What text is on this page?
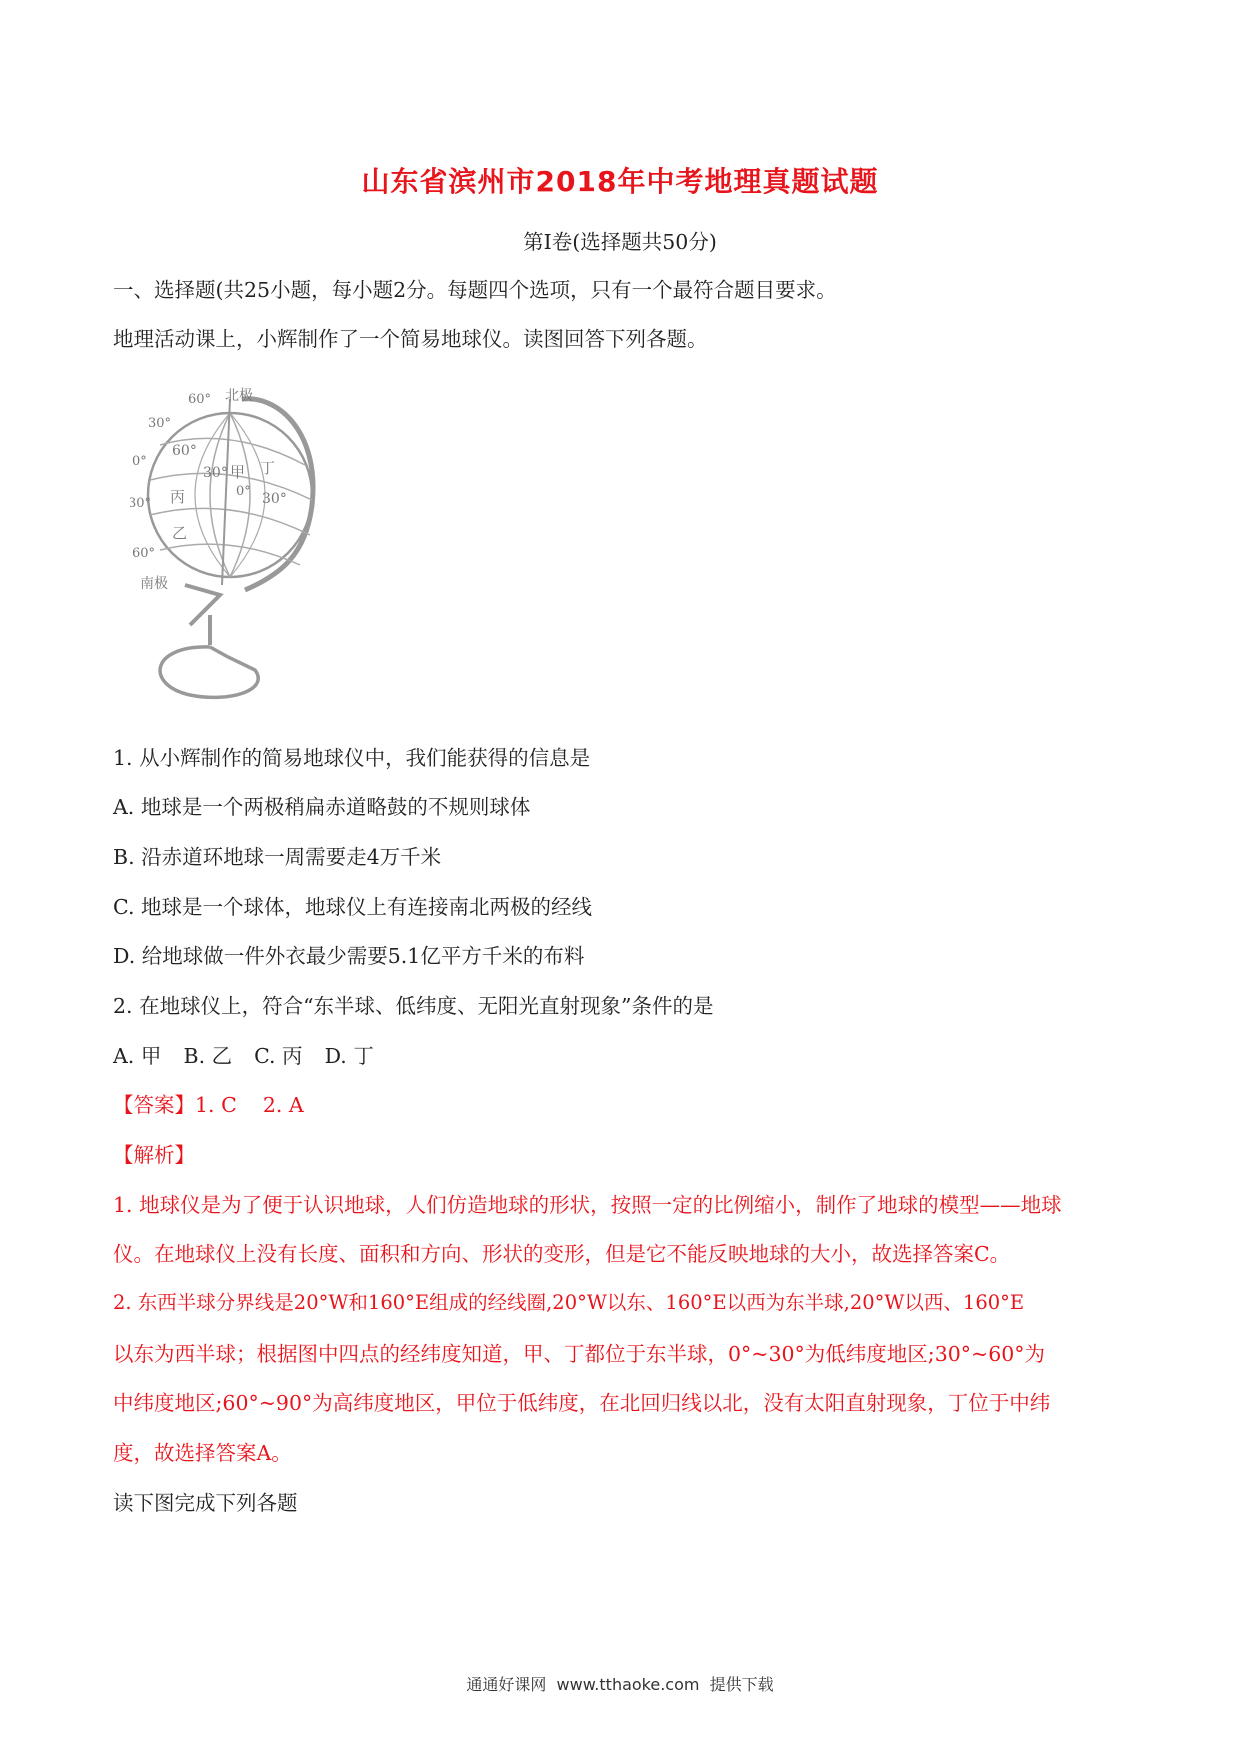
山东省滨州市2018年中考地理真题试题
第Ⅰ卷(选择题共50分)
一、选择题(共25小题，每小题2分。每题四个选项，只有一个最符合题目要求。
地理活动课上，小辉制作了一个简易地球仪。读图回答下列各题。
60° 北极
30°
0°
30°
60°
南极
60°
30° 甲 丁
0° 30°
丙
乙
1. 从小辉制作的简易地球仪中，我们能获得的信息是
A. 地球是一个两极稍扁赤道略鼓的不规则球体
B. 沿赤道环地球一周需要走4万千米
C. 地球是一个球体，地球仪上有连接南北两极的经线
D. 给地球做一件外衣最少需要5.1亿平方千米的布料
2. 在地球仪上，符合“东半球、低纬度、无阳光直射现象”条件的是
A. 甲 B. 乙 C. 丙 D. 丁
【答案】1. C    2. A
【解析】
1. 地球仪是为了便于认识地球，人们仿造地球的形状，按照一定的比例缩小，制作了地球的模型——地球
仪。在地球仪上没有长度、面积和方向、形状的变形，但是它不能反映地球的大小，故选择答案C。
2. 东西半球分界线是20°W和160°E组成的经线圈,20°W以东、160°E以西为东半球,20°W以西、160°E
以东为西半球；根据图中四点的经纬度知道，甲、丁都位于东半球，0°~30°为低纬度地区;30°~60°为
中纬度地区;60°~90°为高纬度地区，甲位于低纬度，在北回归线以北，没有太阳直射现象，丁位于中纬
度，故选择答案A。
读下图完成下列各题
通通好课网  www.tthaoke.com  提供下载
